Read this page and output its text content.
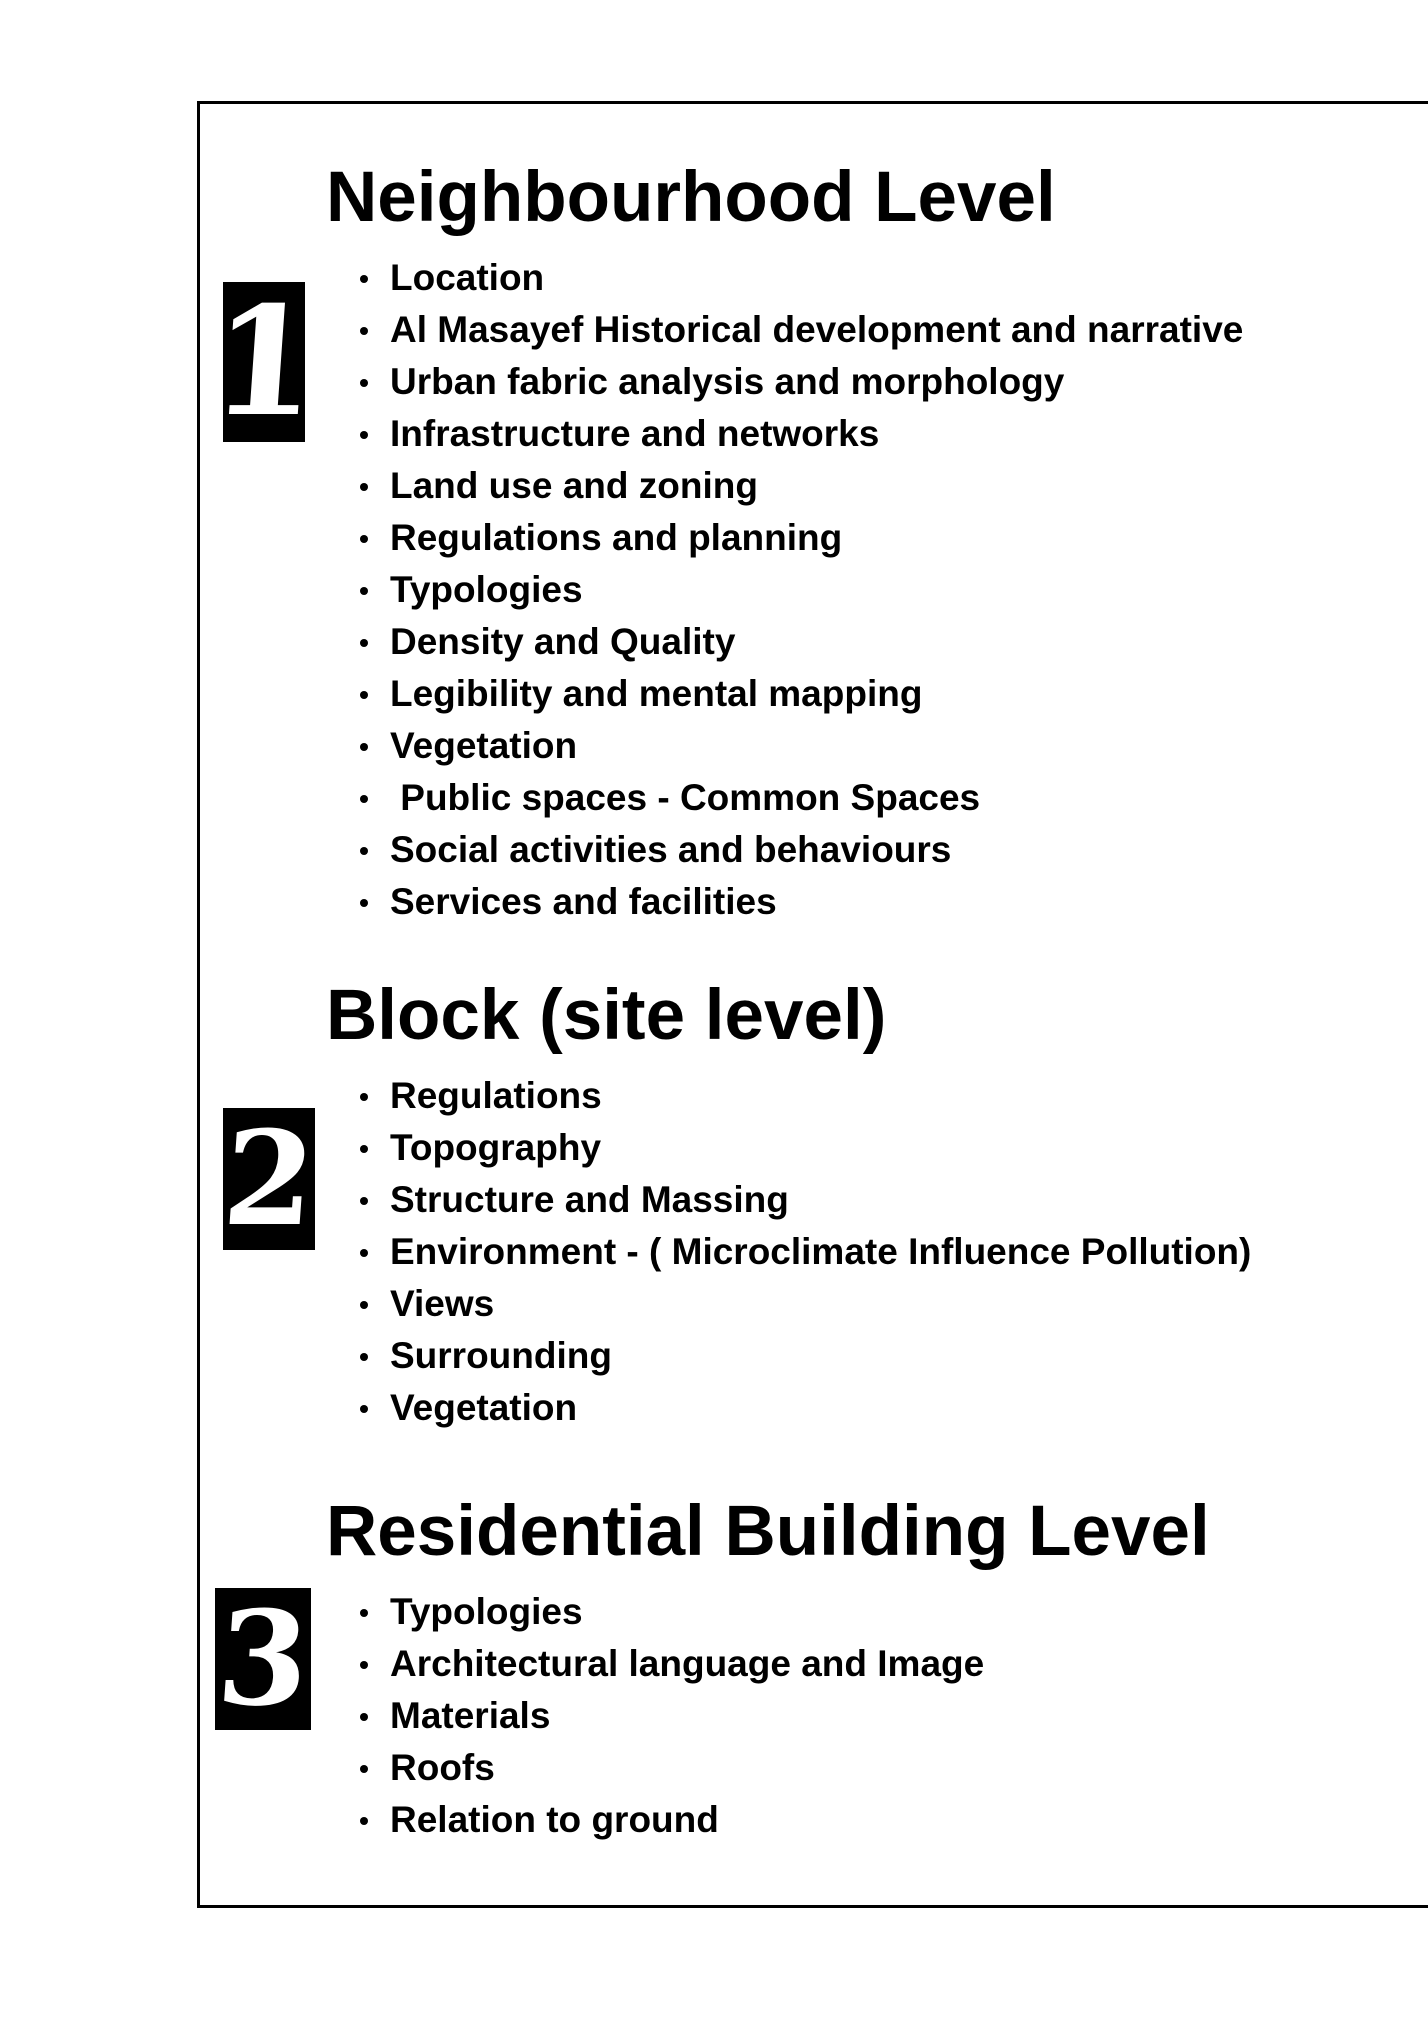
1
Neighbourhood Level
Location
Al Masayef Historical development and narrative
Urban fabric analysis and morphology
Infrastructure and networks
Land use and zoning
Regulations and planning
Typologies
Density and Quality
Legibility and mental mapping
Vegetation
Public spaces - Common Spaces
Social activities and behaviours
Services and facilities
2
Block (site level)
Regulations
Topography
Structure and Massing
Environment - ( Microclimate Influence Pollution)
Views
Surrounding
Vegetation
3
Residential Building Level
Typologies
Architectural language and Image
Materials
Roofs
Relation to ground
